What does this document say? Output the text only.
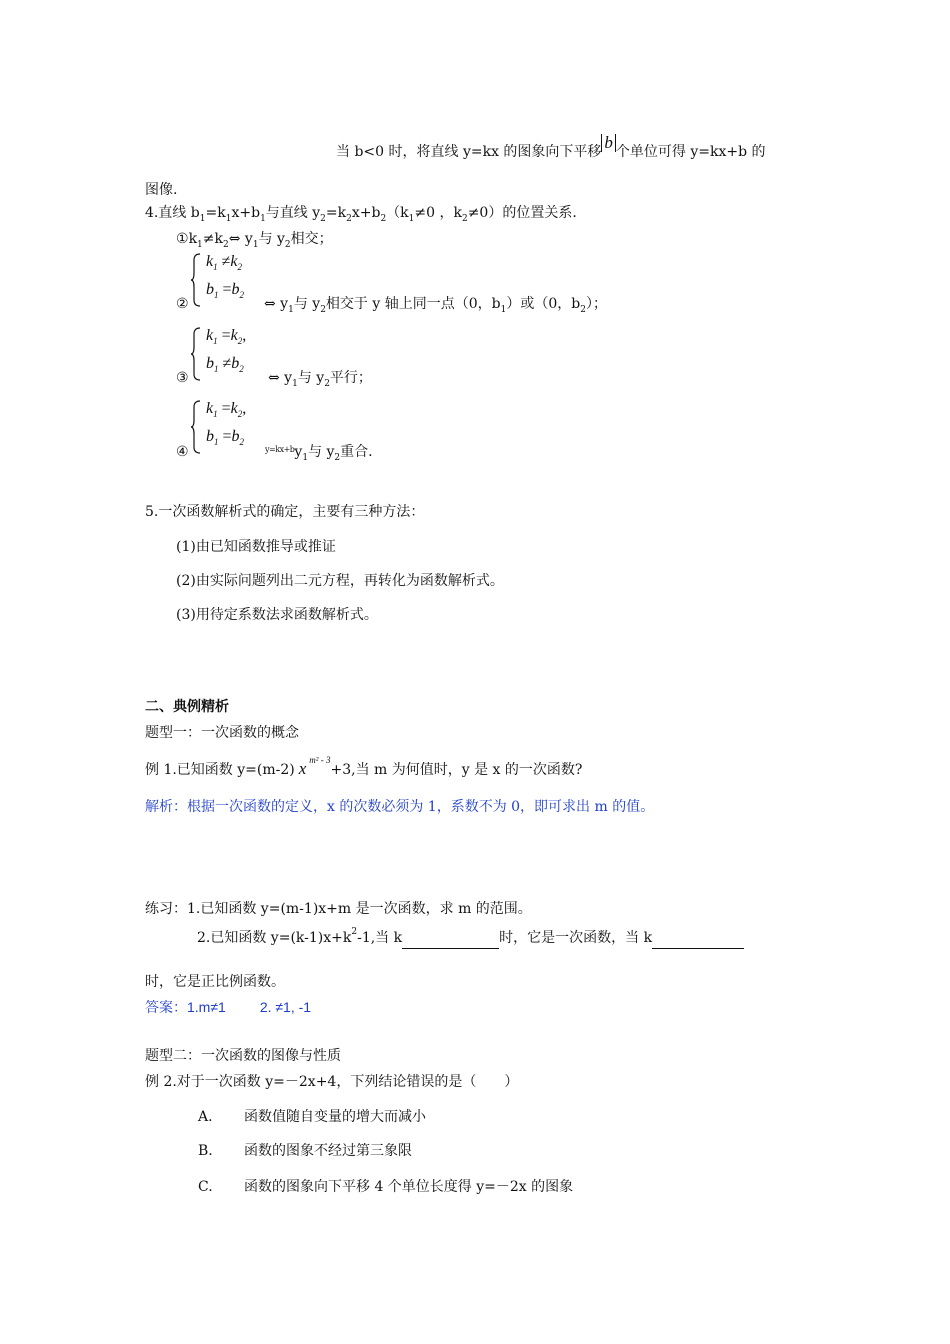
当 b<0 时，将直线 y=kx 的图象向下平移 b 个单位可得 y=kx+b 的
图像.
4.直线 $b_1=k_1x+b_1$与直线 $y_2=k_2x+b_2(k_1\ne 0$ ，$k_2\ne 0$）的位置关系.
$①k_1\ne k_2\Leftrightarrow$ $y_1$与 $y_2$相交；
$k_1 \ne k_2$
$b_1 =b_2$
②	⇔ $y_1$与 $y_2$相交于 y 轴上同一点（0，$b_1$）或（0，$b_2$）；
$k_1 =k_2$,
$b_1 \ne b_2$
③	⇔ $y_1$与 $y_2$平行；
$k_1 =k_2$,
$b_1 =b_2$
④	$^{y=kx+b}y_1$与 $y_2$重合.
5.一次函数解析式的确定，主要有三种方法：
(1)由已知函数推导或推证
(2)由实际问题列出二元方程，再转化为函数解析式。
(3)用待定系数法求函数解析式。
二、典例精析
题型一：一次函数的概念
例 1.已知函数 y=(m-2) x $^{m^2 - 3}$+3,当 m 为何值时，y 是 x 的一次函数?
解析：根据一次函数的定义，x 的次数必须为 1，系数不为 0，即可求出 m 的值。
练习：1.已知函数 y=(m-1)x+m 是一次函数，求 m 的范围。
2.已知函数 $y=(k-1)x+k^2-1$,当 k	时，它是一次函数，当 k
时，它是正比例函数。
答案：1.m≠1 2. ≠1, -1
题型二：一次函数的图像与性质
例 2.对于一次函数 y=－2x+4，下列结论错误的是（　　）
A. 函数值随自变量的增大而减小
B. 函数的图象不经过第三象限
C. 函数的图象向下平移 4 个单位长度得 y=－2x 的图象
